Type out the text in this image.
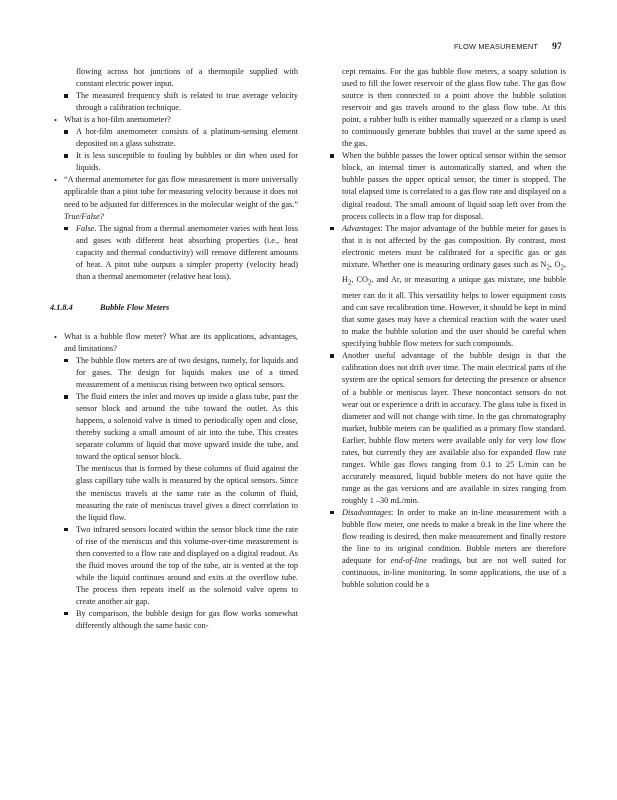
FLOW MEASUREMENT 97
flowing across hot junctions of a thermopile supplied with constant electric power input.
The measured frequency shift is related to true average velocity through a calibration technique.
• What is a hot-film anemometer?
A hot-film anemometer consists of a platinum-sensing element deposited on a glass substrate.
It is less susceptible to fouling by bubbles or dirt when used for liquids.
• “A thermal anemometer for gas flow measurement is more universally applicable than a pitot tube for measuring velocity because it does not need to be adjusted for differences in the molecular weight of the gas.” True/False?
False. The signal from a thermal anemometer varies with heat loss and gases with different heat absorbing properties (i.e., heat capacity and thermal conductivity) will remove different amounts of heat. A pitot tube outputs a simpler property (velocity head) than a thermal anemometer (relative heat loss).
4.1.8.4	Bubble Flow Meters
• What is a bubble flow meter? What are its applications, advantages, and limitations?
The bubble flow meters are of two designs, namely, for liquids and for gases. The design for liquids makes use of a timed measurement of a meniscus rising between two optical sensors.
The fluid enters the inlet and moves up inside a glass tube, past the sensor block and around the tube toward the outlet. As this happens, a solenoid valve is timed to periodically open and close, thereby sucking a small amount of air into the tube. This creates separate columns of liquid that move upward inside the tube, and toward the optical sensor block.
The meniscus that is formed by these columns of fluid against the glass capillary tube walls is measured by the optical sensors. Since the meniscus travels at the same rate as the column of fluid, measuring the rate of meniscus travel gives a direct correlation to the liquid flow.
Two infrared sensors located within the sensor block time the rate of rise of the meniscus and this volume-over-time measurement is then converted to a flow rate and displayed on a digital readout. As the fluid moves around the top of the tube, air is vented at the top while the liquid continues around and exits at the overflow tube. The process then repeats itself as the solenoid valve opens to create another air gap.
By comparison, the bubble design for gas flow works somewhat differently although the same basic con-
cept remains. For the gas bubble flow meters, a soapy solution is used to fill the lower reservoir of the glass flow tube. The gas flow source is then connected to a point above the bubble solution reservoir and gas travels around to the glass flow tube. At this point, a rubber bulb is either manually squeezed or a clamp is used to continuously generate bubbles that travel at the same speed as the gas.
When the bubble passes the lower optical sensor within the sensor block, an internal timer is automatically started, and when the bubble passes the upper optical sensor, the timer is stopped. The total elapsed time is correlated to a gas flow rate and displayed on a digital readout. The small amount of liquid soap left over from the process collects in a flow trap for disposal.
Advantages: The major advantage of the bubble meter for gases is that it is not affected by the gas composition. By contrast, most electronic meters must be calibrated for a specific gas or gas mixture. Whether one is measuring ordinary gases such as $N_2$, $O_2$, $H_2$, $CO_2$, and Ar, or measuring a unique gas mixture, one bubble meter can do it all. This versatility helps to lower equipment costs and can save recalibration time. However, it should be kept in mind that some gases may have a chemical reaction with the water used to make the bubble solution and the user should be careful when specifying bubble flow meters for such compounds.
Another useful advantage of the bubble design is that the calibration does not drift over time. The main electrical parts of the system are the optical sensors for detecting the presence or absence of a bubble or meniscus layer. These noncontact sensors do not wear out or experience a drift in accuracy. The glass tube is fixed in diameter and will not change with time. In the gas chromatography market, bubble meters can be qualified as a primary flow standard. Earlier, bubble flow meters were available only for very low flow rates, but currently they are available also for expanded flow rate ranges. While gas flows ranging from 0.1 to 25 L/min can be accurately measured, liquid bubble meters do not have quite the range as the gas versions and are available in sizes ranging from roughly 1 –30 mL/min.
Disadvantages: In order to make an in-line measurement with a bubble flow meter, one needs to make a break in the line where the flow reading is desired, then make measurement and finally restore the line to its original condition. Bubble meters are therefore adequate for end-of-line readings, but are not well suited for continuous, in-line monitoring. In some applications, the use of a bubble solution could be a
